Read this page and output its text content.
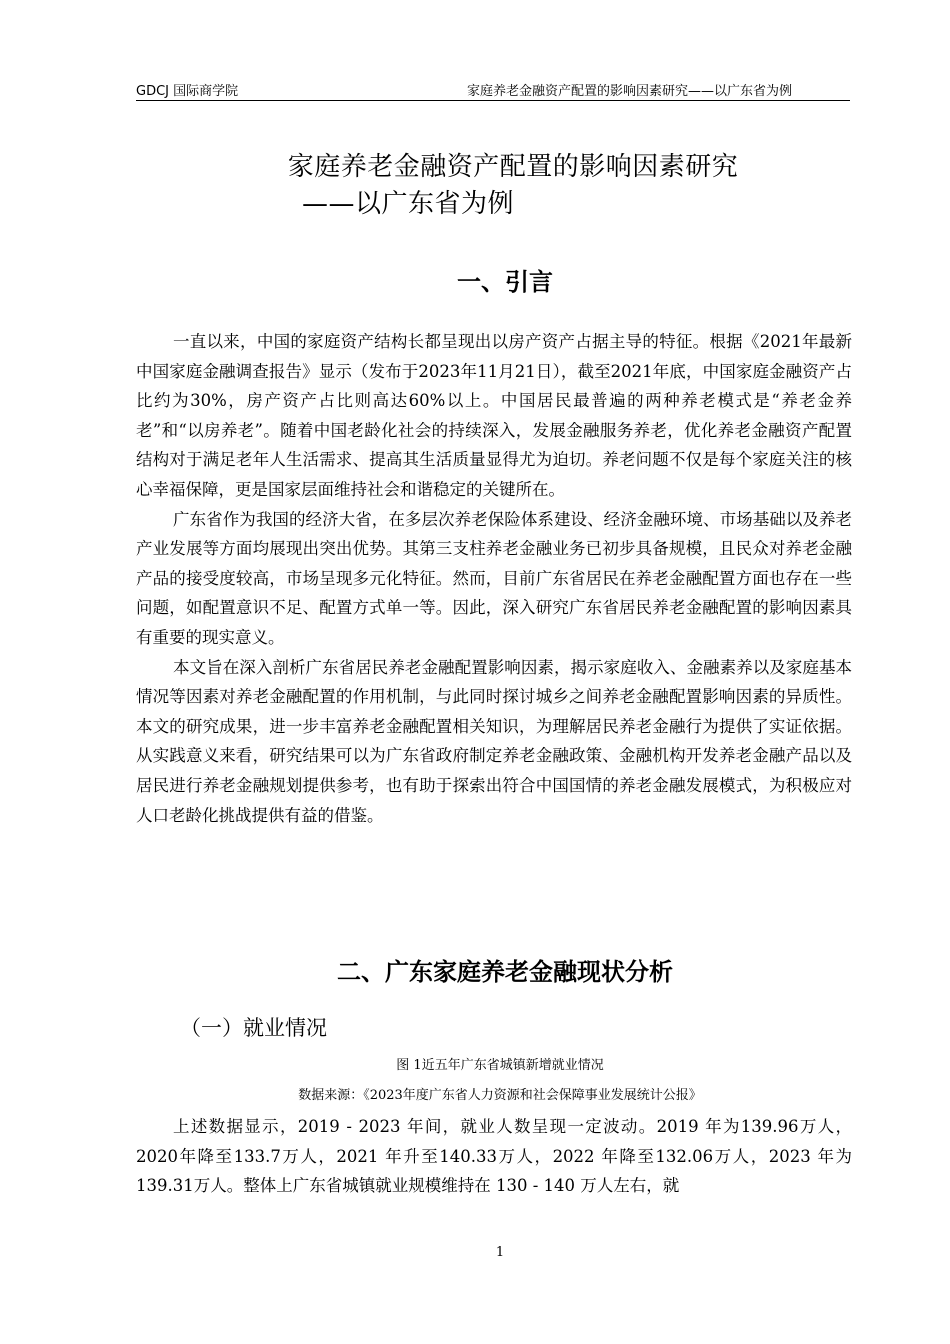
GDCJ 国际商学院	家庭养老金融资产配置的影响因素研究——以广东省为例
家庭养老金融资产配置的影响因素研究
——以广东省为例
一、引言

一直以来，中国的家庭资产结构长都呈现出以房产资产占据主导的特征。根据《2021年最新中国家庭金融调查报告》显示（发布于2023年11月21日），截至2021年底，中国家庭金融资产占比约为30%，房产资产占比则高达60%以上。中国居民最普遍的两种养老模式是“养老金养老”和“以房养老”。随着中国老龄化社会的持续深入，发展金融服务养老，优化养老金融资产配置结构对于满足老年人生活需求、提高其生活质量显得尤为迫切。养老问题不仅是每个家庭关注的核心幸福保障，更是国家层面维持社会和谐稳定的关键所在。

广东省作为我国的经济大省，在多层次养老保险体系建设、经济金融环境、市场基础以及养老产业发展等方面均展现出突出优势。其第三支柱养老金融业务已初步具备规模，且民众对养老金融产品的接受度较高，市场呈现多元化特征。然而，目前广东省居民在养老金融配置方面也存在一些问题，如配置意识不足、配置方式单一等。因此，深入研究广东省居民养老金融配置的影响因素具有重要的现实意义。

本文旨在深入剖析广东省居民养老金融配置影响因素，揭示家庭收入、金融素养以及家庭基本情况等因素对养老金融配置的作用机制，与此同时探讨城乡之间养老金融配置影响因素的异质性。本文的研究成果，进一步丰富养老金融配置相关知识，为理解居民养老金融行为提供了实证依据。从实践意义来看，研究结果可以为广东省政府制定养老金融政策、金融机构开发养老金融产品以及居民进行养老金融规划提供参考，也有助于探索出符合中国国情的养老金融发展模式，为积极应对人口老龄化挑战提供有益的借鉴。

二、广东家庭养老金融现状分析
（一）就业情况
图 1近五年广东省城镇新增就业情况
数据来源：《2023年度广东省人力资源和社会保障事业发展统计公报》

上述数据显示，2019 - 2023 年间，就业人数呈现一定波动。2019 年为139.96万人，2020年降至133.7万人，2021 年升至140.33万人，2022 年降至132.06万人，2023 年为139.31万人。整体上广东省城镇就业规模维持在 130 - 140 万人左右，就

1
